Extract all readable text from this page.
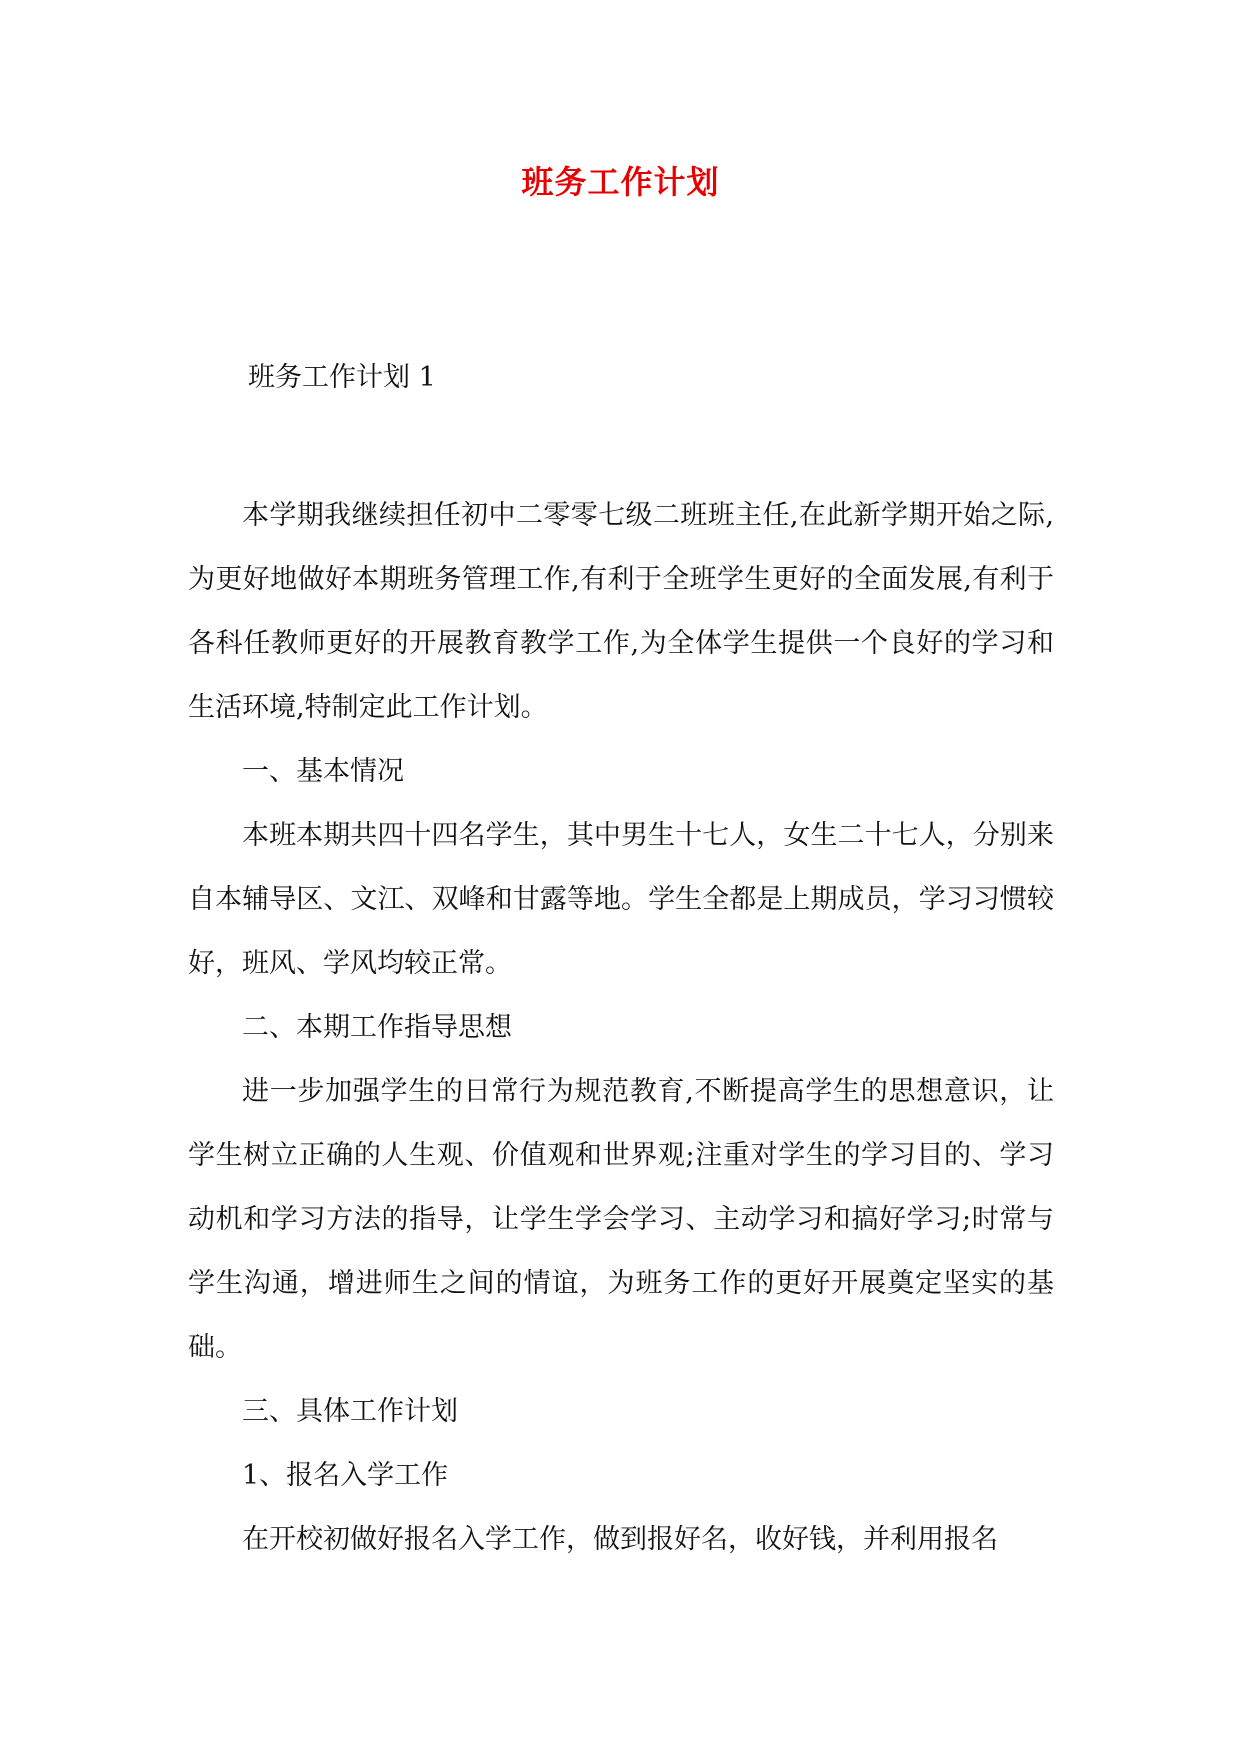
班务工作计划
班务工作计划 1

本学期我继续担任初中二零零七级二班班主任,在此新学期开始之际,为更好地做好本期班务管理工作,有利于全班学生更好的全面发展,有利于各科任教师更好的开展教育教学工作,为全体学生提供一个良好的学习和生活环境,特制定此工作计划。

一、基本情况

本班本期共四十四名学生，其中男生十七人，女生二十七人，分别来自本辅导区、文江、双峰和甘露等地。学生全都是上期成员，学习习惯较好，班风、学风均较正常。

二、本期工作指导思想

进一步加强学生的日常行为规范教育,不断提高学生的思想意识，让学生树立正确的人生观、价值观和世界观;注重对学生的学习目的、学习动机和学习方法的指导，让学生学会学习、主动学习和搞好学习;时常与学生沟通，增进师生之间的情谊，为班务工作的更好开展奠定坚实的基础。

三、具体工作计划

1、报名入学工作

在开校初做好报名入学工作，做到报好名，收好钱，并利用报名
